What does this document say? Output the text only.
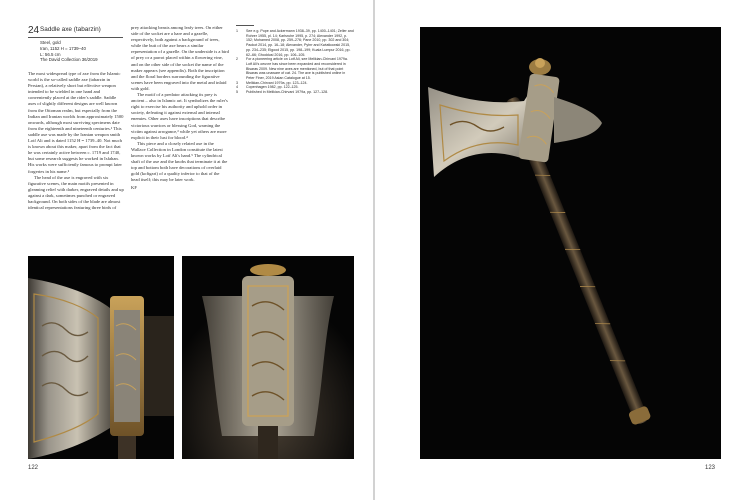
24 Saddle axe (tabarzin)
Steel, gold
Iran, 1152 H = 1739–40
L: 56.5 cm
The David Collection 36/2019

The most widespread type of axe from the Islamic world is the so-called saddle axe (tabarzin in Persian), a relatively short but effective weapon intended to be wielded in one hand and conveniently placed at the rider's saddle. Saddle axes of slightly different designs are well known from the Ottoman realm, but especially from the Indian and Iranian worlds from approximately 1500 onwards, although most surviving specimens date from the eighteenth and nineteenth centuries.¹ This saddle axe was made by the Iranian weapon smith Lotf Ali and is dated 1152 H = 1739–40. Not much is known about this maker, apart from the fact that he was certainly active between c. 1719 and 1740, but some research suggests he worked in Isfahan. His works were sufficiently famous to prompt later forgeries in his name.²

The head of the axe is engraved with six figurative scenes, the main motifs presented in gleaming relief with darker, engraved details and up against a dark, sometimes punched or engraved background. On both sides of the blade are almost identical representations featuring three birds of

prey attacking beasts among leafy trees. On either side of the socket are a hare and a gazelle, respectively, both against a background of trees, while the butt of the axe bears a similar representation of a gazelle. On the underside is a bird of prey or a parrot placed within a flowering vine, and on the other side of the socket the name of the maker appears (see appendix). Both the inscription and the floral borders surrounding the figurative scenes have been engraved into the metal and inlaid with gold.

The motif of a predator attacking its prey is ancient – also in Islamic art. It symbolizes the ruler's right to exercise his authority and uphold order in society, defeating it against external and internal enemies. Other axes have inscriptions that describe victorious warriors or blessing God, warning the victim against arrogance,³ while yet others are more explicit in their lust for blood.⁴

This piece and a closely related axe in the Wallace Collection in London constitute the latest known works by Lotf Ali's hand.⁵ The cylindrical shaft of the axe and the knobs that terminate it at the top and bottom both have decorations of overlaid gold (koftgari) of a quality inferior to that of the head itself; this may be later work.

KF

1	See e.g. Pope and Ackermann 1938–39, pp. 1400–1401; Zeller and Rohrer 1955, pl. 14; Karlsruhe 1995, p. 274; Alexander 1992, p. 152; Mohamed 2008, pp. 259–276; Pane 2010, pp. 302 and 304; Paokot 2014, pp. 16–18; Alexander, Pyhrr and Kwiatkowski 2015, pp. 234–235; Elgood 2015, pp. 198–199; Kuala Lumpur 2016, pp. 62–66; Ghoddusi 2016, pp. 106–105.
2	For a pioneering article on Lotf Ali, see Melikian-Chirvani 1979a. Lotf Ali's oeuvre has since been expanded and reconsidered in Bisaras 2009. New nine axes are mentioned, but of that point Bisaras was unaware of cat. 24. The axe is published online in Peter Finer, 2019 Asian Catalogue at 15.
3	Melikian-Chirvani 1979a, pp. 123–124.
4	Copenhagen 1982, pp. 122–125.
5	Published in Melikian-Chirvani 1979a, pp. 127–128.
122	123
